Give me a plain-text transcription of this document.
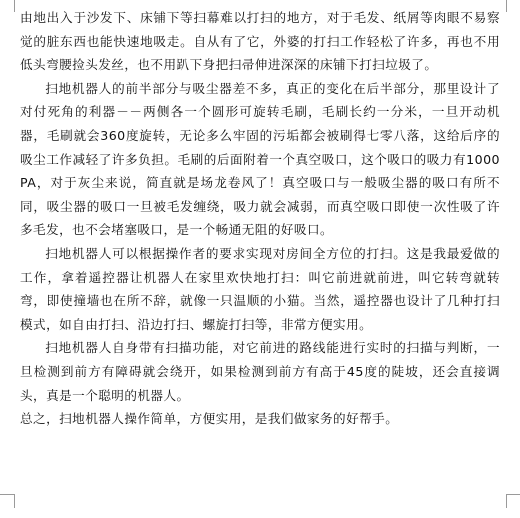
由地出入于沙发下、床铺下等扫幕难以打扫的地方，对于毛发、纸屑等肉眼不易察觉的脏东西也能快速地吸走。自从有了它，外婆的打扫工作轻松了许多，再也不用低头弯腰捡头发丝，也不用趴下身把扫帚伸进深深的床铺下打扫垃圾了。

扫地机器人的前半部分与吸尘器差不多，真正的变化在后半部分，那里设计了对付死角的利器－－两侧各一个圆形可旋转毛刷，毛刷长约一分米，一旦开动机器，毛刷就会360度旋转，无论多么牢固的污垢都会被刷得七零八落，这给后序的吸尘工作减轻了许多负担。毛刷的后面附着一个真空吸口，这个吸口的吸力有1000PA，对于灰尘来说，简直就是场龙卷风了！真空吸口与一般吸尘器的吸口有所不同，吸尘器的吸口一旦被毛发缠绕，吸力就会减弱，而真空吸口即使一次性吸了许多毛发，也不会堵塞吸口，是一个畅通无阻的好吸口。

扫地机器人可以根据操作者的要求实现对房间全方位的打扫。这是我最爱做的工作，拿着遥控器让机器人在家里欢快地打扫：叫它前进就前进，叫它转弯就转弯，即使撞墙也在所不辞，就像一只温顺的小猫。当然，遥控器也设计了几种打扫模式，如自由打扫、沿边打扫、螺旋打扫等，非常方便实用。

扫地机器人自身带有扫描功能，对它前进的路线能进行实时的扫描与判断，一旦检测到前方有障碍就会绕开，如果检测到前方有高于45度的陡坡，还会直接调头，真是一个聪明的机器人。

总之，扫地机器人操作简单，方便实用，是我们做家务的好帮手。
